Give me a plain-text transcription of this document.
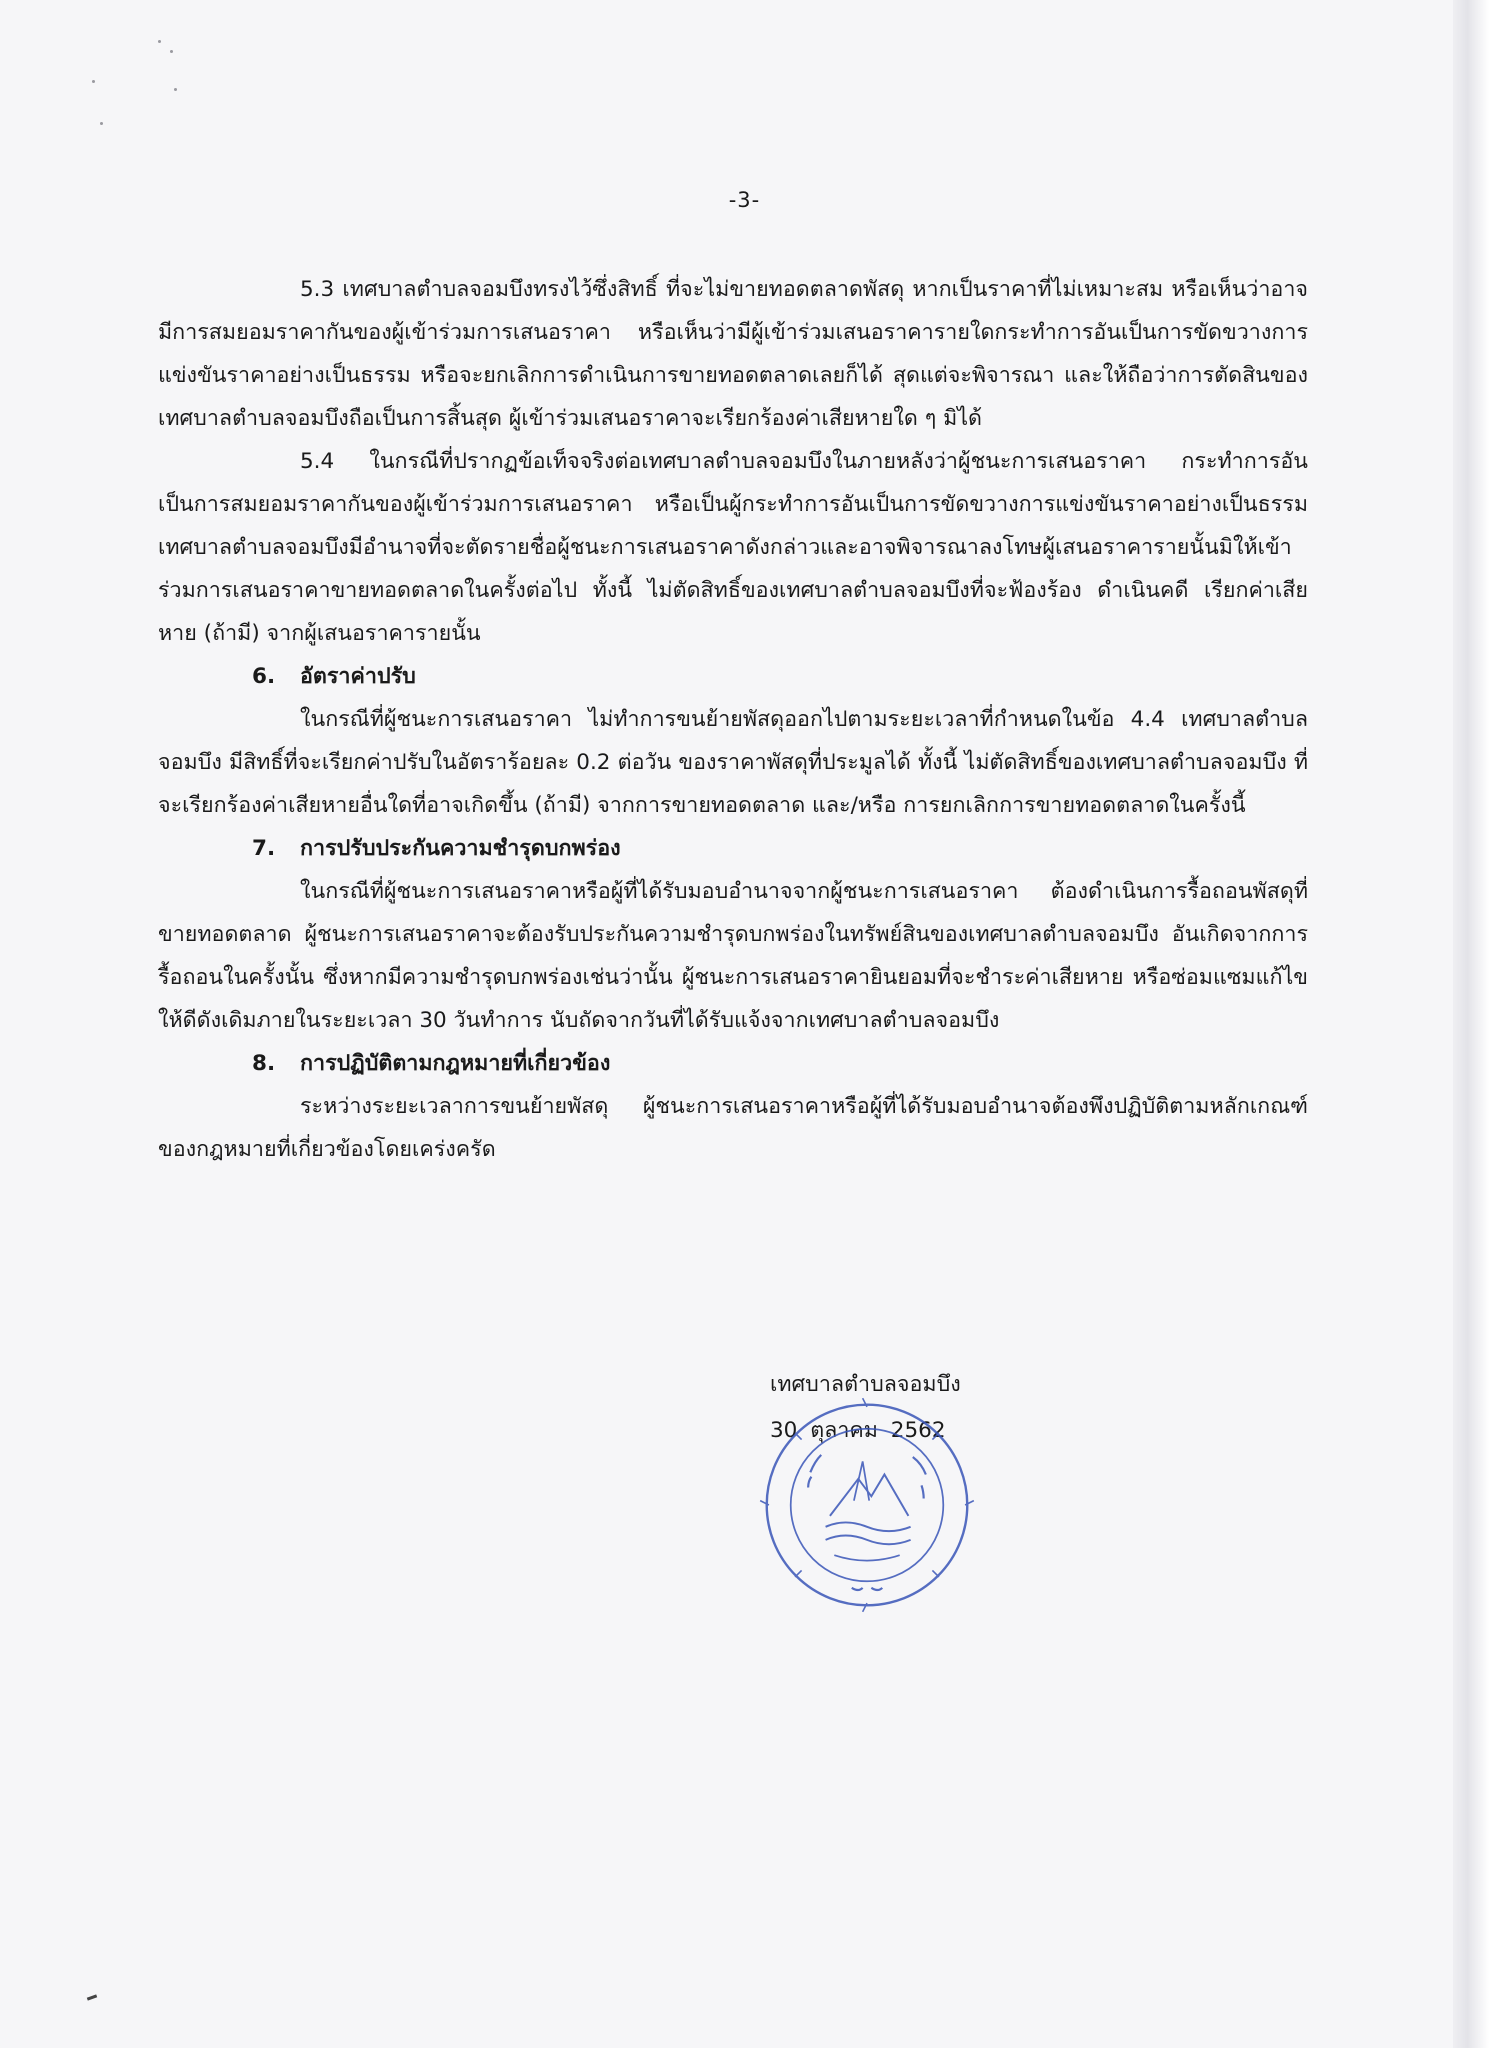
-3-

5.3 เทศบาลตำบลจอมบึงทรงไว้ซึ่งสิทธิ์ ที่จะไม่ขายทอดตลาดพัสดุ หากเป็นราคาที่ไม่เหมาะสม หรือเห็นว่าอาจมีการสมยอมราคากันของผู้เข้าร่วมการเสนอราคา หรือเห็นว่ามีผู้เข้าร่วมเสนอราคารายใดกระทำการอันเป็นการขัดขวางการแข่งขันราคาอย่างเป็นธรรม หรือจะยกเลิกการดำเนินการขายทอดตลาดเลยก็ได้ สุดแต่จะพิจารณา และให้ถือว่าการตัดสินของเทศบาลตำบลจอมบึงถือเป็นการสิ้นสุด ผู้เข้าร่วมเสนอราคาจะเรียกร้องค่าเสียหายใด ๆ มิได้

5.4 ในกรณีที่ปรากฏข้อเท็จจริงต่อเทศบาลตำบลจอมบึงในภายหลังว่าผู้ชนะการเสนอราคา กระทำการอันเป็นการสมยอมราคากันของผู้เข้าร่วมการเสนอราคา หรือเป็นผู้กระทำการอันเป็นการขัดขวางการแข่งขันราคาอย่างเป็นธรรม เทศบาลตำบลจอมบึงมีอำนาจที่จะตัดรายชื่อผู้ชนะการเสนอราคาดังกล่าวและอาจพิจารณาลงโทษผู้เสนอราคารายนั้นมิให้เข้าร่วมการเสนอราคาขายทอดตลาดในครั้งต่อไป ทั้งนี้ ไม่ตัดสิทธิ์ของเทศบาลตำบลจอมบึงที่จะฟ้องร้อง ดำเนินคดี เรียกค่าเสียหาย (ถ้ามี) จากผู้เสนอราคารายนั้น

6. อัตราค่าปรับ

ในกรณีที่ผู้ชนะการเสนอราคา ไม่ทำการขนย้ายพัสดุออกไปตามระยะเวลาที่กำหนดในข้อ 4.4 เทศบาลตำบลจอมบึง มีสิทธิ์ที่จะเรียกค่าปรับในอัตราร้อยละ 0.2 ต่อวัน ของราคาพัสดุที่ประมูลได้ ทั้งนี้ ไม่ตัดสิทธิ์ของเทศบาลตำบลจอมบึง ที่จะเรียกร้องค่าเสียหายอื่นใดที่อาจเกิดขึ้น (ถ้ามี) จากการขายทอดตลาด และ/หรือ การยกเลิกการขายทอดตลาดในครั้งนี้

7. การปรับประกันความชำรุดบกพร่อง

ในกรณีที่ผู้ชนะการเสนอราคาหรือผู้ที่ได้รับมอบอำนาจจากผู้ชนะการเสนอราคา ต้องดำเนินการรื้อถอนพัสดุที่ขายทอดตลาด ผู้ชนะการเสนอราคาจะต้องรับประกันความชำรุดบกพร่องในทรัพย์สินของเทศบาลตำบลจอมบึง อันเกิดจากการรื้อถอนในครั้งนั้น ซึ่งหากมีความชำรุดบกพร่องเช่นว่านั้น ผู้ชนะการเสนอราคายินยอมที่จะชำระค่าเสียหาย หรือซ่อมแซมแก้ไขให้ดีดังเดิมภายในระยะเวลา 30 วันทำการ นับถัดจากวันที่ได้รับแจ้งจากเทศบาลตำบลจอมบึง

8. การปฏิบัติตามกฎหมายที่เกี่ยวข้อง

ระหว่างระยะเวลาการขนย้ายพัสดุ ผู้ชนะการเสนอราคาหรือผู้ที่ได้รับมอบอำนาจต้องพึงปฏิบัติตามหลักเกณฑ์ของกฎหมายที่เกี่ยวข้องโดยเคร่งครัด

เทศบาลตำบลจอมบึง
30 ตุลาคม 2562
